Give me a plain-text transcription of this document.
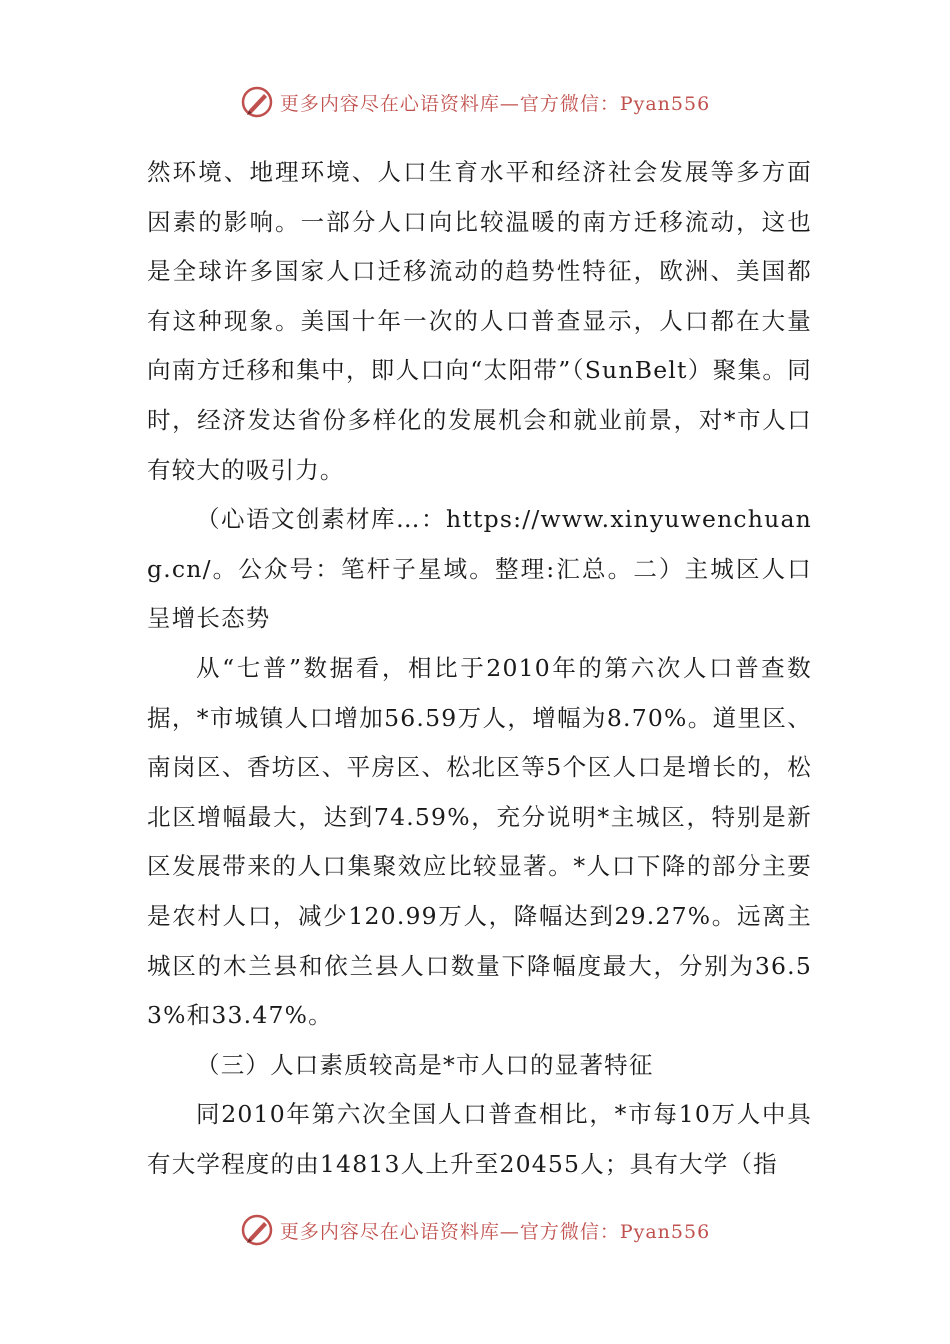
更多内容尽在心语资料库—官方微信：Pyan556

然环境、地理环境、人口生育水平和经济社会发展等多方面因素的影响。一部分人口向比较温暖的南方迁移流动，这也是全球许多国家人口迁移流动的趋势性特征，欧洲、美国都有这种现象。美国十年一次的人口普查显示，人口都在大量向南方迁移和集中，即人口向“太阳带”（SunBelt）聚集。同时，经济发达省份多样化的发展机会和就业前景，对*市人口有较大的吸引力。

（心语文创素材库…：https://www.xinyuwenchuang.cn/。公众号：笔杆子星域。整理:汇总。二）主城区人口呈增长态势

从“七普”数据看，相比于2010年的第六次人口普查数据，*市城镇人口增加56.59万人，增幅为8.70%。道里区、南岗区、香坊区、平房区、松北区等5个区人口是增长的，松北区增幅最大，达到74.59%，充分说明*主城区，特别是新区发展带来的人口集聚效应比较显著。*人口下降的部分主要是农村人口，减少120.99万人，降幅达到29.27%。远离主城区的木兰县和依兰县人口数量下降幅度最大，分别为36.53%和33.47%。

（三）人口素质较高是*市人口的显著特征

同2010年第六次全国人口普查相比，*市每10万人中具有大学程度的由14813人上升至20455人；具有大学（指

更多内容尽在心语资料库—官方微信：Pyan556
